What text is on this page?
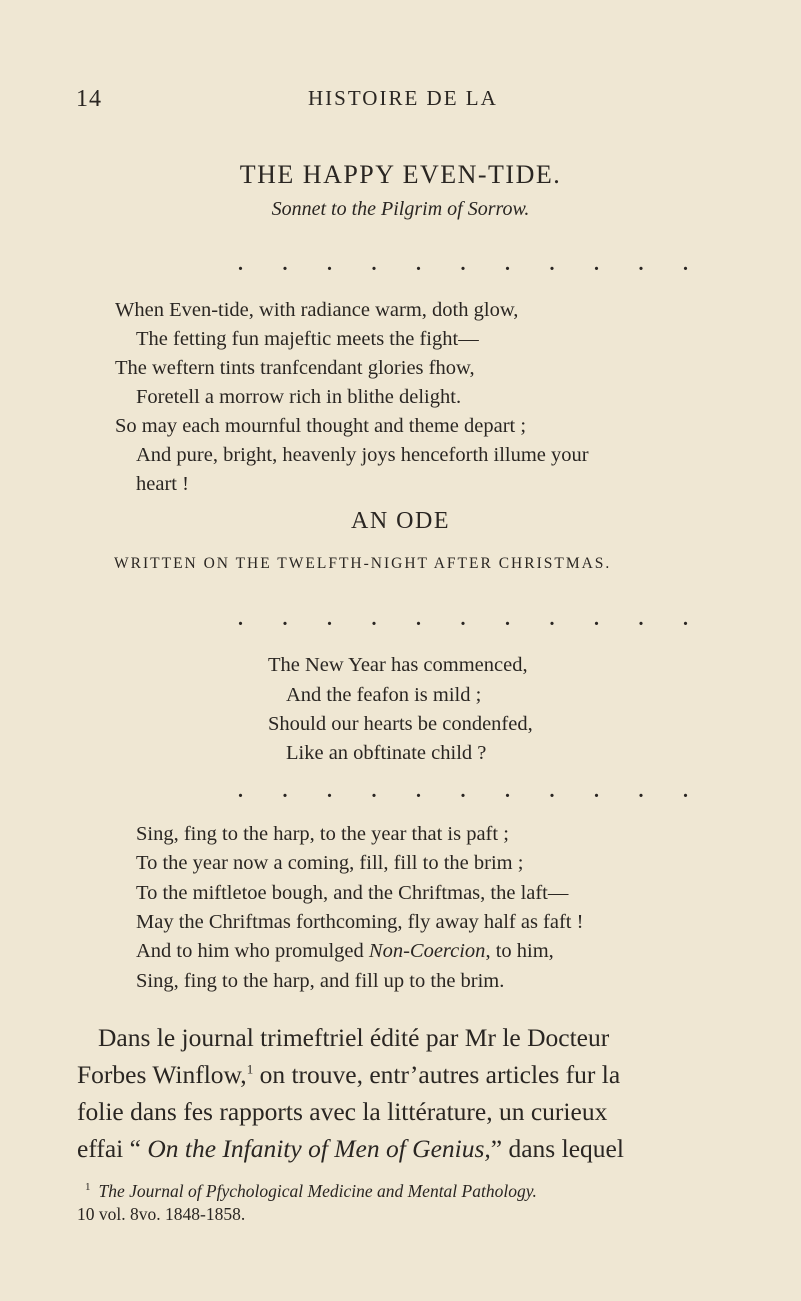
14	HISTOIRE DE LA
THE HAPPY EVEN-TIDE.
Sonnet to the Pilgrim of Sorrow.
. . . . . . . . . . .
When Even-tide, with radiance warm, doth glow,
The fetting fun majeftic meets the fight—
The weftern tints tranfcendant glories fhow,
Foretell a morrow rich in blithe delight.
So may each mournful thought and theme depart ;
And pure, bright, heavenly joys henceforth illume your
heart !
AN ODE
WRITTEN ON THE TWELFTH-NIGHT AFTER CHRISTMAS.
. . . . . . . . . . .
The New Year has commenced,
And the feafon is mild ;
Should our hearts be condenfed,
Like an obftinate child ?
. . . . . . . . . . .
Sing, fing to the harp, to the year that is paft ;
To the year now a coming, fill, fill to the brim ;
To the miftletoe bough, and the Chriftmas, the laft—
May the Chriftmas forthcoming, fly away half as faft !
And to him who promulged Non-Coercion, to him,
Sing, fing to the harp, and fill up to the brim.
Dans le journal trimeftriel édité par Mr le Docteur
Forbes Winflow,$^1$ on trouve, entr’autres articles fur la
folie dans fes rapports avec la littérature, un curieux
effai “ On the Infanity of Men of Genius,” dans lequel
$^1$ The Journal of Pfychological Medicine and Mental Pathology.
10 vol. 8vo. 1848-1858.
